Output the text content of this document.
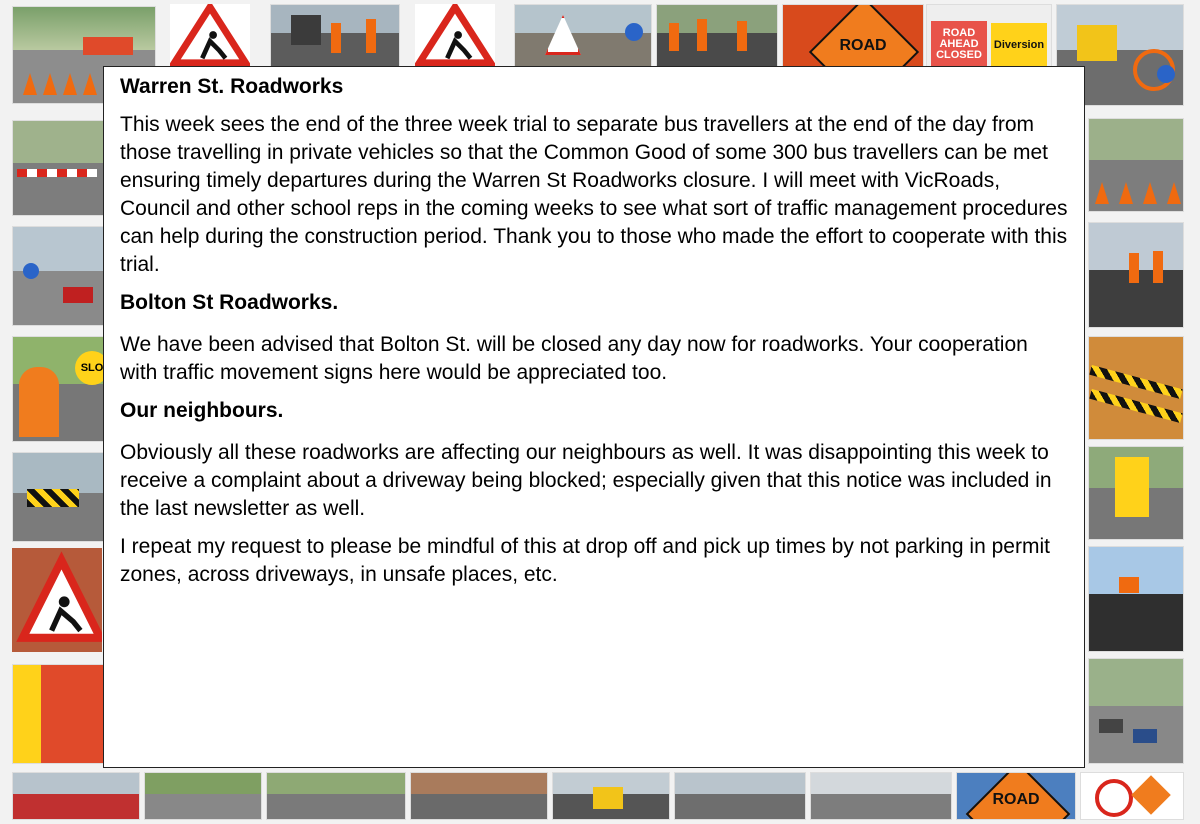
ROAD
ROAD AHEAD CLOSED
Diversion
SLO
ROAD
Warren St. Roadworks

This week sees the end of the three week trial to separate bus travellers at the end of the day from those travelling in private vehicles so that the Common Good of some 300 bus travellers can be met ensuring timely departures during the Warren St Roadworks closure. I will meet with VicRoads, Council and other school reps in the coming weeks to see what sort of traffic management procedures can help during the construction period. Thank you to those who made the effort to cooperate with this trial.

Bolton St Roadworks.

We have been advised that Bolton St. will be closed any day now for roadworks. Your cooperation with traffic movement signs here would be appreciated too.

Our neighbours.

Obviously all these roadworks are affecting our neighbours as well. It was disappointing this week to receive a complaint about a driveway being blocked; especially given that this notice was included in the last newsletter as well.

I repeat my request to please be mindful of this at drop off and pick up times by not parking in permit zones, across driveways, in unsafe places, etc.
